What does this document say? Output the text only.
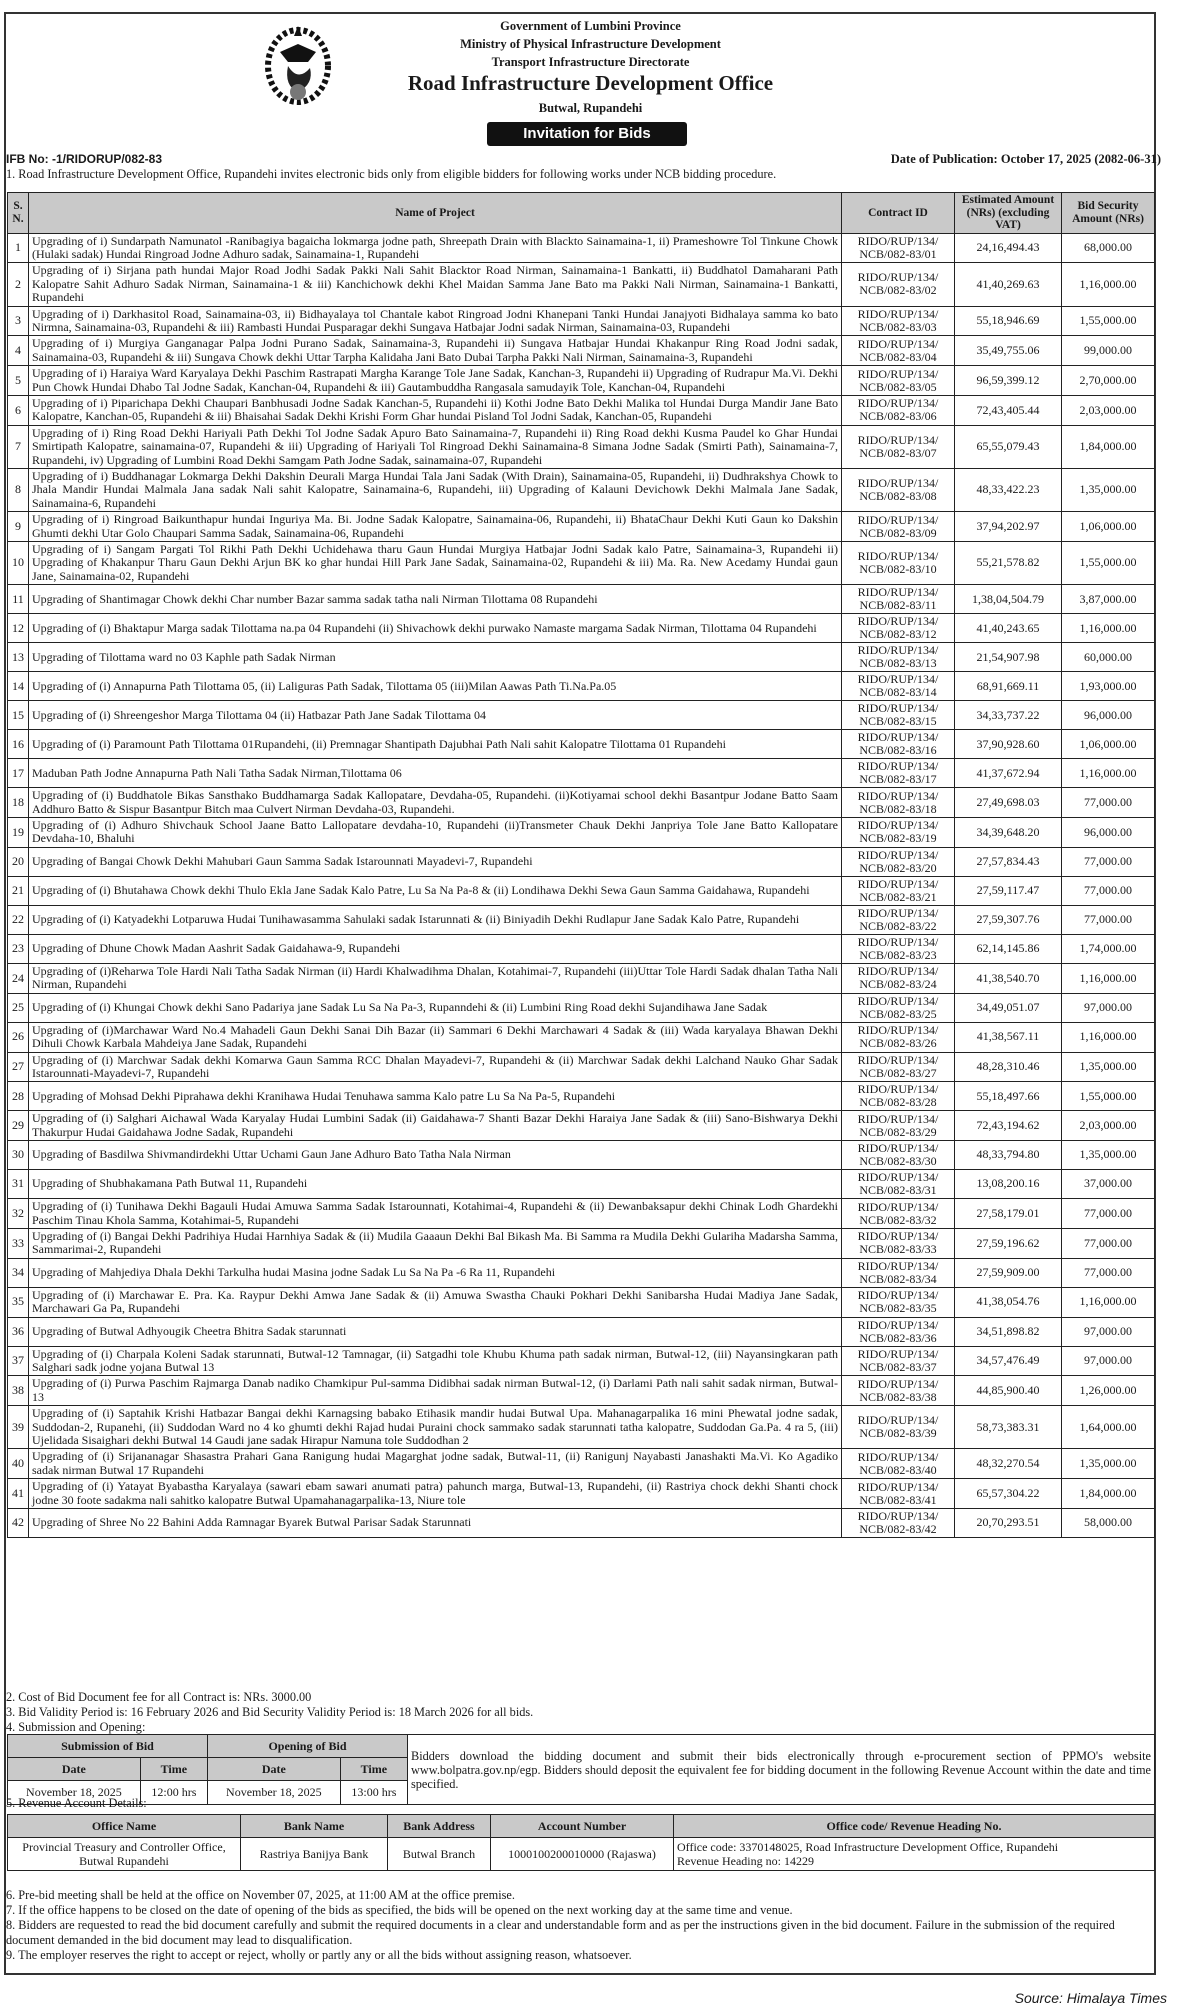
Government of Lumbini Province
Ministry of Physical Infrastructure Development
Transport Infrastructure Directorate
Road Infrastructure Development Office
Butwal, Rupandehi
Invitation for Bids
IFB No: -1/RIDORUP/082-83	Date of Publication: October 17, 2025 (2082-06-31)
1. Road Infrastructure Development Office, Rupandehi invites electronic bids only from eligible bidders for following works under NCB bidding procedure.
S. N.	Name of Project	Contract ID	Estimated Amount (NRs) (excluding VAT)	Bid Security Amount (NRs)
1	Upgrading of i) Sundarpath Namunatol -Ranibagiya bagaicha lokmarga jodne path, Shreepath Drain with Blackto Sainamaina-1, ii) Prameshowre Tol Tinkune Chowk (Hulaki sadak) Hundai Ringroad Jodne Adhuro sadak, Sainamaina-1, Rupandehi	RIDO/RUP/134/ NCB/082-83/01	24,16,494.43	68,000.00
2	Upgrading of i) Sirjana path hundai Major Road Jodhi Sadak Pakki Nali Sahit Blacktor Road Nirman, Sainamaina-1 Bankatti, ii) Buddhatol Damaharani Path Kalopatre Sahit Adhuro Sadak Nirman, Sainamaina-1 & iii) Kanchichowk dekhi Khel Maidan Samma Jane Bato ma Pakki Nali Nirman, Sainamaina-1 Bankatti, Rupandehi	RIDO/RUP/134/ NCB/082-83/02	41,40,269.63	1,16,000.00
3	Upgrading of i) Darkhasitol Road, Sainamaina-03, ii) Bidhayalaya tol Chantale kabot Ringroad Jodni Khanepani Tanki Hundai Janajyoti Bidhalaya samma ko bato Nirmna, Sainamaina-03, Rupandehi & iii) Rambasti Hundai Pusparagar dekhi Sungava Hatbajar Jodni sadak Nirman, Sainamaina-03, Rupandehi	RIDO/RUP/134/ NCB/082-83/03	55,18,946.69	1,55,000.00
4	Upgrading of i) Murgiya Ganganagar Palpa Jodni Purano Sadak, Sainamaina-3, Rupandehi ii) Sungava Hatbajar Hundai Khakanpur Ring Road Jodni sadak, Sainamaina-03, Rupandehi & iii) Sungava Chowk dekhi Uttar Tarpha Kalidaha Jani Bato Dubai Tarpha Pakki Nali Nirman, Sainamaina-3, Rupandehi	RIDO/RUP/134/ NCB/082-83/04	35,49,755.06	99,000.00
5	Upgrading of i) Haraiya Ward Karyalaya Dekhi Paschim Rastrapati Margha Karange Tole Jane Sadak, Kanchan-3, Rupandehi ii) Upgrading of Rudrapur Ma.Vi. Dekhi Pun Chowk Hundai Dhabo Tal Jodne Sadak, Kanchan-04, Rupandehi & iii) Gautambuddha Rangasala samudayik Tole, Kanchan-04, Rupandehi	RIDO/RUP/134/ NCB/082-83/05	96,59,399.12	2,70,000.00
6	Upgrading of i) Piparichapa Dekhi Chaupari Banbhusadi Jodne Sadak Kanchan-5, Rupandehi ii) Kothi Jodne Bato Dekhi Malika tol Hundai Durga Mandir Jane Bato Kalopatre, Kanchan-05, Rupandehi & iii) Bhaisahai Sadak Dekhi Krishi Form Ghar hundai Pisland Tol Jodni Sadak, Kanchan-05, Rupandehi	RIDO/RUP/134/ NCB/082-83/06	72,43,405.44	2,03,000.00
7	Upgrading of i) Ring Road Dekhi Hariyali Path Dekhi Tol Jodne Sadak Apuro Bato Sainamaina-7, Rupandehi ii) Ring Road dekhi Kusma Paudel ko Ghar Hundai Smirtipath Kalopatre, sainamaina-07, Rupandehi & iii) Upgrading of Hariyali Tol Ringroad Dekhi Sainamaina-8 Simana Jodne Sadak (Smirti Path), Sainamaina-7, Rupandehi, iv) Upgrading of Lumbini Road Dekhi Samgam Path Jodne Sadak, sainamaina-07, Rupandehi	RIDO/RUP/134/ NCB/082-83/07	65,55,079.43	1,84,000.00
8	Upgrading of i) Buddhanagar Lokmarga Dekhi Dakshin Deurali Marga Hundai Tala Jani Sadak (With Drain), Sainamaina-05, Rupandehi, ii) Dudhrakshya Chowk to Jhala Mandir Hundai Malmala Jana sadak Nali sahit Kalopatre, Sainamaina-6, Rupandehi, iii) Upgrading of Kalauni Devichowk Dekhi Malmala Jane Sadak, Sainamaina-6, Rupandehi	RIDO/RUP/134/ NCB/082-83/08	48,33,422.23	1,35,000.00
9	Upgrading of i) Ringroad Baikunthapur hundai Inguriya Ma. Bi. Jodne Sadak Kalopatre, Sainamaina-06, Rupandehi, ii) BhataChaur Dekhi Kuti Gaun ko Dakshin Ghumti dekhi Utar Golo Chaupari Samma Sadak, Sainamaina-06, Rupandehi	RIDO/RUP/134/ NCB/082-83/09	37,94,202.97	1,06,000.00
10	Upgrading of i) Sangam Pargati Tol Rikhi Path Dekhi Uchidehawa tharu Gaun Hundai Murgiya Hatbajar Jodni Sadak kalo Patre, Sainamaina-3, Rupandehi ii) Upgrading of Khakanpur Tharu Gaun Dekhi Arjun BK ko ghar hundai Hill Park Jane Sadak, Sainamaina-02, Rupandehi & iii) Ma. Ra. New Acedamy Hundai gaun Jane, Sainamaina-02, Rupandehi	RIDO/RUP/134/ NCB/082-83/10	55,21,578.82	1,55,000.00
11	Upgrading of Shantimagar Chowk dekhi Char number Bazar samma sadak tatha nali Nirman Tilottama 08 Rupandehi	RIDO/RUP/134/ NCB/082-83/11	1,38,04,504.79	3,87,000.00
12	Upgrading of (i) Bhaktapur Marga sadak Tilottama na.pa 04 Rupandehi (ii) Shivachowk dekhi purwako Namaste margama Sadak Nirman, Tilottama 04 Rupandehi	RIDO/RUP/134/ NCB/082-83/12	41,40,243.65	1,16,000.00
13	Upgrading of Tilottama ward no 03 Kaphle path Sadak Nirman	RIDO/RUP/134/ NCB/082-83/13	21,54,907.98	60,000.00
14	Upgrading of (i) Annapurna Path Tilottama 05, (ii) Laliguras Path Sadak, Tilottama 05 (iii)Milan Aawas Path Ti.Na.Pa.05	RIDO/RUP/134/ NCB/082-83/14	68,91,669.11	1,93,000.00
15	Upgrading of (i) Shreengeshor Marga Tilottama 04 (ii) Hatbazar Path Jane Sadak Tilottama 04	RIDO/RUP/134/ NCB/082-83/15	34,33,737.22	96,000.00
16	Upgrading of (i) Paramount Path Tilottama 01Rupandehi, (ii) Premnagar Shantipath Dajubhai Path Nali sahit Kalopatre Tilottama 01 Rupandehi	RIDO/RUP/134/ NCB/082-83/16	37,90,928.60	1,06,000.00
17	Maduban Path Jodne Annapurna Path Nali Tatha Sadak Nirman,Tilottama 06	RIDO/RUP/134/ NCB/082-83/17	41,37,672.94	1,16,000.00
18	Upgrading of (i) Buddhatole Bikas Sansthako Buddhamarga Sadak Kallopatare, Devdaha-05, Rupandehi. (ii)Kotiyamai school dekhi Basantpur Jodane Batto Saam Addhuro Batto & Sispur Basantpur Bitch maa Culvert Nirman Devdaha-03, Rupandehi.	RIDO/RUP/134/ NCB/082-83/18	27,49,698.03	77,000.00
19	Upgrading of (i) Adhuro Shivchauk School Jaane Batto Lallopatare devdaha-10, Rupandehi (ii)Transmeter Chauk Dekhi Janpriya Tole Jane Batto Kallopatare Devdaha-10, Bhaluhi	RIDO/RUP/134/ NCB/082-83/19	34,39,648.20	96,000.00
20	Upgrading of Bangai Chowk Dekhi Mahubari Gaun Samma Sadak Istarounnati Mayadevi-7, Rupandehi	RIDO/RUP/134/ NCB/082-83/20	27,57,834.43	77,000.00
21	Upgrading of (i) Bhutahawa Chowk dekhi Thulo Ekla Jane Sadak Kalo Patre, Lu Sa Na Pa-8 & (ii) Londihawa Dekhi Sewa Gaun Samma Gaidahawa, Rupandehi	RIDO/RUP/134/ NCB/082-83/21	27,59,117.47	77,000.00
22	Upgrading of (i) Katyadekhi Lotparuwa Hudai Tunihawasamma Sahulaki sadak Istarunnati & (ii) Biniyadih Dekhi Rudlapur Jane Sadak Kalo Patre, Rupandehi	RIDO/RUP/134/ NCB/082-83/22	27,59,307.76	77,000.00
23	Upgrading of Dhune Chowk Madan Aashrit Sadak Gaidahawa-9, Rupandehi	RIDO/RUP/134/ NCB/082-83/23	62,14,145.86	1,74,000.00
24	Upgrading of (i)Reharwa Tole Hardi Nali Tatha Sadak Nirman (ii) Hardi Khalwadihma Dhalan, Kotahimai-7, Rupandehi (iii)Uttar Tole Hardi Sadak dhalan Tatha Nali Nirman, Rupandehi	RIDO/RUP/134/ NCB/082-83/24	41,38,540.70	1,16,000.00
25	Upgrading of (i) Khungai Chowk dekhi Sano Padariya jane Sadak Lu Sa Na Pa-3, Rupanndehi & (ii) Lumbini Ring Road dekhi Sujandihawa Jane Sadak	RIDO/RUP/134/ NCB/082-83/25	34,49,051.07	97,000.00
26	Upgrading of (i)Marchawar Ward No.4 Mahadeli Gaun Dekhi Sanai Dih Bazar (ii) Sammari 6 Dekhi Marchawari 4 Sadak & (iii) Wada karyalaya Bhawan Dekhi Dihuli Chowk Karbala Mahdeiya Jane Sadak, Rupandehi	RIDO/RUP/134/ NCB/082-83/26	41,38,567.11	1,16,000.00
27	Upgrading of (i) Marchwar Sadak dekhi Komarwa Gaun Samma RCC Dhalan Mayadevi-7, Rupandehi & (ii) Marchwar Sadak dekhi Lalchand Nauko Ghar Sadak Istarounnati-Mayadevi-7, Rupandehi	RIDO/RUP/134/ NCB/082-83/27	48,28,310.46	1,35,000.00
28	Upgrading of Mohsad Dekhi Piprahawa dekhi Kranihawa Hudai Tenuhawa samma Kalo patre Lu Sa Na Pa-5, Rupandehi	RIDO/RUP/134/ NCB/082-83/28	55,18,497.66	1,55,000.00
29	Upgrading of (i) Salghari Aichawal Wada Karyalay Hudai Lumbini Sadak (ii) Gaidahawa-7 Shanti Bazar Dekhi Haraiya Jane Sadak & (iii) Sano-Bishwarya Dekhi Thakurpur Hudai Gaidahawa Jodne Sadak, Rupandehi	RIDO/RUP/134/ NCB/082-83/29	72,43,194.62	2,03,000.00
30	Upgrading of Basdilwa Shivmandirdekhi Uttar Uchami Gaun Jane Adhuro Bato Tatha Nala Nirman	RIDO/RUP/134/ NCB/082-83/30	48,33,794.80	1,35,000.00
31	Upgrading of Shubhakamana Path Butwal 11, Rupandehi	RIDO/RUP/134/ NCB/082-83/31	13,08,200.16	37,000.00
32	Upgrading of (i) Tunihawa Dekhi Bagauli Hudai Amuwa Samma Sadak Istarounnati, Kotahimai-4, Rupandehi & (ii) Dewanbaksapur dekhi Chinak Lodh Ghardekhi Paschim Tinau Khola Samma, Kotahimai-5, Rupandehi	RIDO/RUP/134/ NCB/082-83/32	27,58,179.01	77,000.00
33	Upgrading of (i) Bangai Dekhi Padrihiya Hudai Harnhiya Sadak & (ii) Mudila Gaaaun Dekhi Bal Bikash Ma. Bi Samma ra Mudila Dekhi Gulariha Madarsha Samma, Sammarimai-2, Rupandehi	RIDO/RUP/134/ NCB/082-83/33	27,59,196.62	77,000.00
34	Upgrading of Mahjediya Dhala Dekhi Tarkulha hudai Masina jodne Sadak Lu Sa Na Pa -6 Ra 11, Rupandehi	RIDO/RUP/134/ NCB/082-83/34	27,59,909.00	77,000.00
35	Upgrading of (i) Marchawar E. Pra. Ka. Raypur Dekhi Amwa Jane Sadak & (ii) Amuwa Swastha Chauki Pokhari Dekhi Sanibarsha Hudai Madiya Jane Sadak, Marchawari Ga Pa, Rupandehi	RIDO/RUP/134/ NCB/082-83/35	41,38,054.76	1,16,000.00
36	Upgrading of Butwal Adhyougik Cheetra Bhitra Sadak starunnati	RIDO/RUP/134/ NCB/082-83/36	34,51,898.82	97,000.00
37	Upgrading of (i) Charpala Koleni Sadak starunnati, Butwal-12 Tamnagar, (ii) Satgadhi tole Khubu Khuma path sadak nirman, Butwal-12, (iii) Nayansingkaran path Salghari sadk jodne yojana Butwal 13	RIDO/RUP/134/ NCB/082-83/37	34,57,476.49	97,000.00
38	Upgrading of (i) Purwa Paschim Rajmarga Danab nadiko Chamkipur Pul-samma Didibhai sadak nirman Butwal-12, (i) Darlami Path nali sahit sadak nirman, Butwal-13	RIDO/RUP/134/ NCB/082-83/38	44,85,900.40	1,26,000.00
39	Upgrading of (i) Saptahik Krishi Hatbazar Bangai dekhi Karnagsing babako Etihasik mandir hudai Butwal Upa. Mahanagarpalika 16 mini Phewatal jodne sadak, Suddodan-2, Rupanehi, (ii) Suddodan Ward no 4 ko ghumti dekhi Rajad hudai Puraini chock sammako sadak starunnati tatha kalopatre, Suddodan Ga.Pa. 4 ra 5, (iii) Ujelidada Sisaighari dekhi Butwal 14 Gaudi jane sadak Hirapur Namuna tole Suddodhan 2	RIDO/RUP/134/ NCB/082-83/39	58,73,383.31	1,64,000.00
40	Upgrading of (i) Srijananagar Shasastra Prahari Gana Ranigung hudai Magarghat jodne sadak, Butwal-11, (ii) Ranigunj Nayabasti Janashakti Ma.Vi. Ko Agadiko sadak nirman Butwal 17 Rupandehi	RIDO/RUP/134/ NCB/082-83/40	48,32,270.54	1,35,000.00
41	Upgrading of (i) Yatayat Byabastha Karyalaya (sawari ebam sawari anumati patra) pahunch marga, Butwal-13, Rupandehi, (ii) Rastriya chock dekhi Shanti chock jodne 30 foote sadakma nali sahitko kalopatre Butwal Upamahanagarpalika-13, Niure tole	RIDO/RUP/134/ NCB/082-83/41	65,57,304.22	1,84,000.00
42	Upgrading of Shree No 22 Bahini Adda Ramnagar Byarek Butwal Parisar Sadak Starunnati	RIDO/RUP/134/ NCB/082-83/42	20,70,293.51	58,000.00
2. Cost of Bid Document fee for all Contract is: NRs. 3000.00
3. Bid Validity Period is: 16 February 2026 and Bid Security Validity Period is: 18 March 2026 for all bids.
4. Submission and Opening:
Submission of Bid		Opening of Bid		Bidders download the bidding document and submit their bids electronically through e-procurement section of PPMO's website www.bolpatra.gov.np/egp. Bidders should deposit the equivalent fee for bidding document in the following Revenue Account within the date and time specified.
Date	Time	Date	Time	
November 18, 2025	12:00 hrs	November 18, 2025	13:00 hrs	
5. Revenue Account Details:
Office Name	Bank Name	Bank Address	Account Number	Office code/ Revenue Heading No.
Provincial Treasury and Controller Office, Butwal Rupandehi	Rastriya Banijya Bank	Butwal Branch	1000100200010000 (Rajaswa)	Office code: 3370148025, Road Infrastructure Development Office, Rupandehi
Revenue Heading no: 14229
6. Pre-bid meeting shall be held at the office on November 07, 2025, at 11:00 AM at the office premise.
7. If the office happens to be closed on the date of opening of the bids as specified, the bids will be opened on the next working day at the same time and venue.
8. Bidders are requested to read the bid document carefully and submit the required documents in a clear and understandable form and as per the instructions given in the bid document. Failure in the submission of the required document demanded in the bid document may lead to disqualification.
9. The employer reserves the right to accept or reject, wholly or partly any or all the bids without assigning reason, whatsoever.
Source: Himalaya Times
